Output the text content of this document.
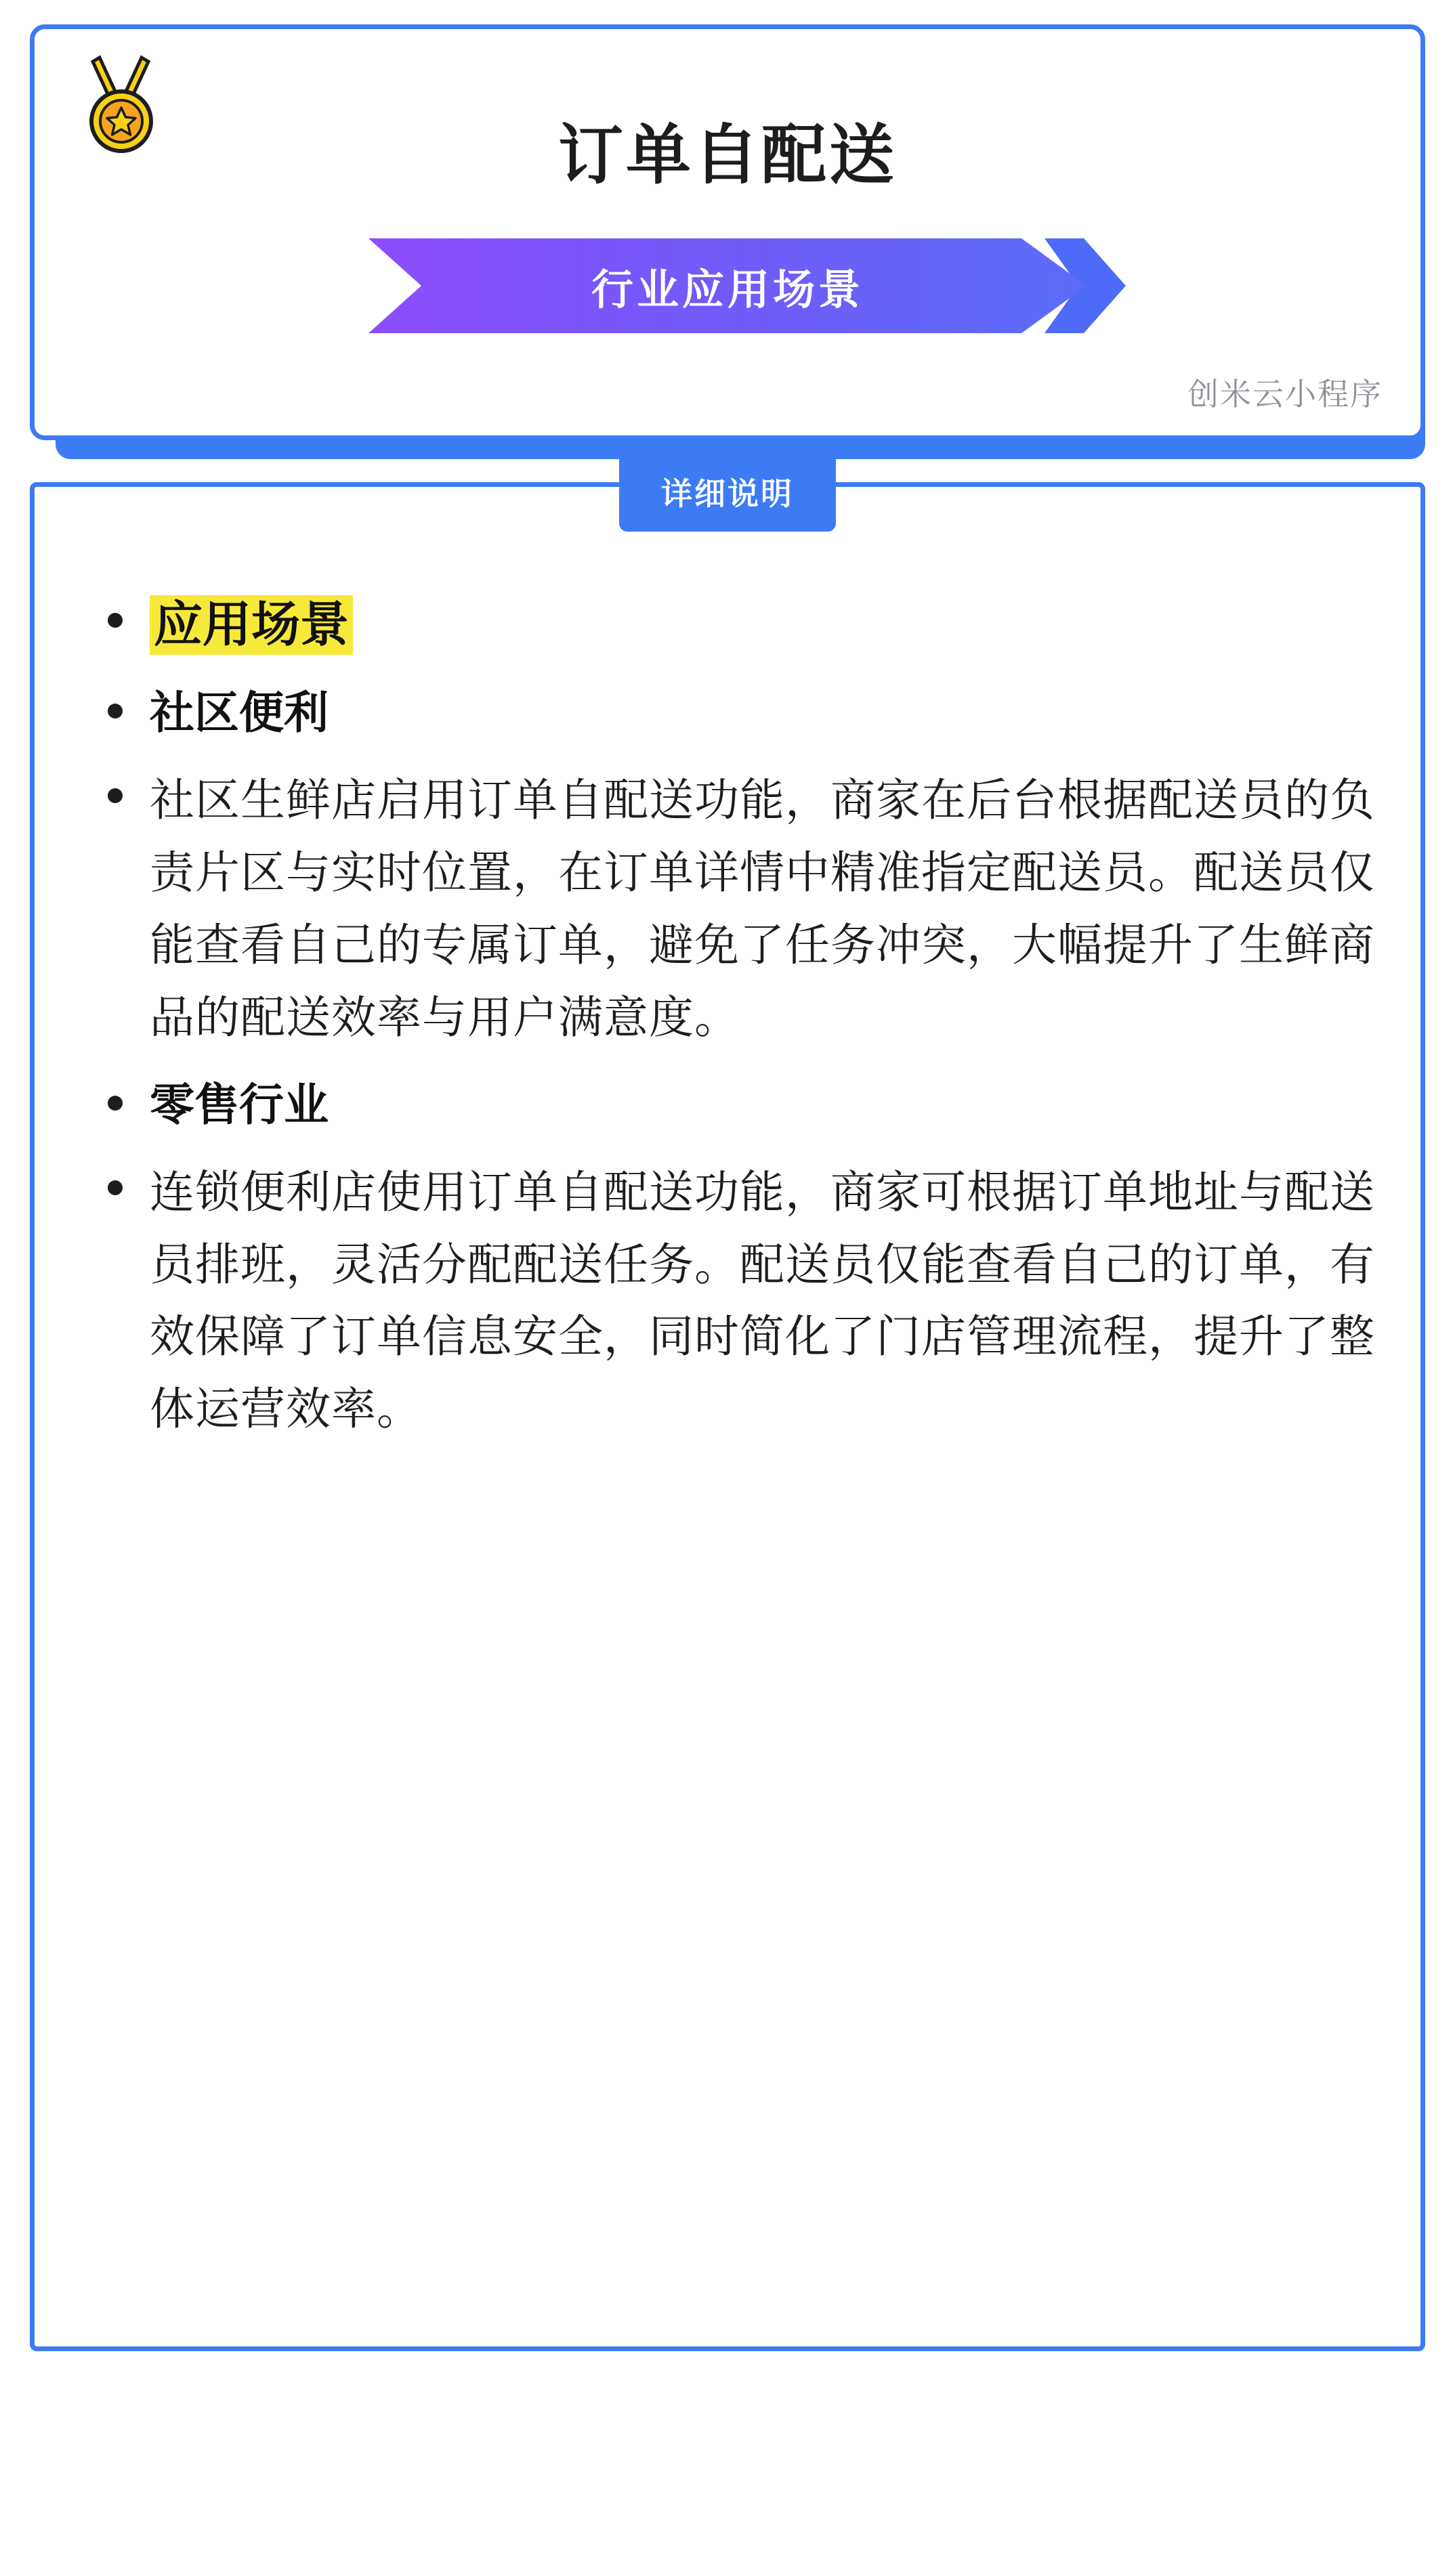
订单自配送
行业应用场景
创米云小程序
详细说明
应用场景
社区便利
社区生鲜店启用订单自配送功能，商家在后台根据配送员的负责片区与实时位置，在订单详情中精准指定配送员。配送员仅能查看自己的专属订单，避免了任务冲突，大幅提升了生鲜商品的配送效率与用户满意度。
零售行业
连锁便利店使用订单自配送功能，商家可根据订单地址与配送员排班，灵活分配配送任务。配送员仅能查看自己的订单，有效保障了订单信息安全，同时简化了门店管理流程，提升了整体运营效率。
